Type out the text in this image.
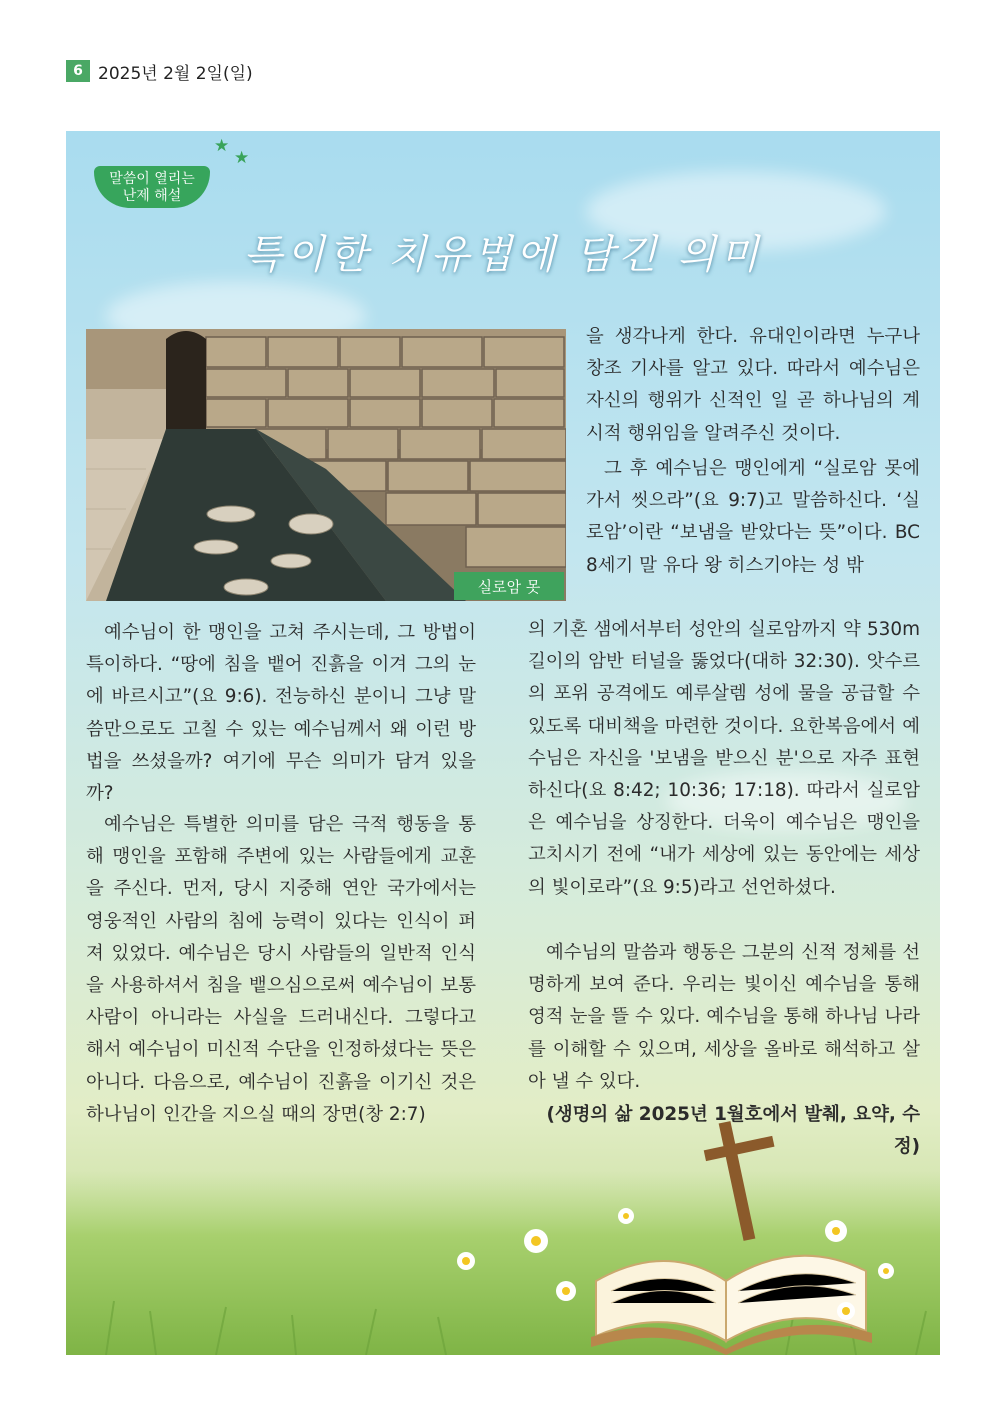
6 2025년 2월 2일(일)
말씀이 열리는
난제 해설
★
★
특이한 치유법에 담긴 의미
실로암 못

예수님이 한 맹인을 고쳐 주시는데, 그 방법이 특이하다. “땅에 침을 뱉어 진흙을 이겨 그의 눈에 바르시고”(요 9:6). 전능하신 분이니 그냥 말씀만으로도 고칠 수 있는 예수님께서 왜 이런 방법을 쓰셨을까? 여기에 무슨 의미가 담겨 있을까?

예수님은 특별한 의미를 담은 극적 행동을 통해 맹인을 포함해 주변에 있는 사람들에게 교훈을 주신다. 먼저, 당시 지중해 연안 국가에서는 영웅적인 사람의 침에 능력이 있다는 인식이 퍼져 있었다. 예수님은 당시 사람들의 일반적 인식을 사용하셔서 침을 뱉으심으로써 예수님이 보통 사람이 아니라는 사실을 드러내신다. 그렇다고 해서 예수님이 미신적 수단을 인정하셨다는 뜻은 아니다. 다음으로, 예수님이 진흙을 이기신 것은 하나님이 인간을 지으실 때의 장면(창 2:7)

을 생각나게 한다. 유대인이라면 누구나 창조 기사를 알고 있다. 따라서 예수님은 자신의 행위가 신적인 일 곧 하나님의 계시적 행위임을 알려주신 것이다.

그 후 예수님은 맹인에게 “실로암 못에 가서 씻으라”(요 9:7)고 말씀하신다. ‘실로암’이란 “보냄을 받았다는 뜻”이다. BC 8세기 말 유다 왕 히스기야는 성 밖

예수님의 말씀과 행동은 그분의 신적 정체를 선명하게 보여 준다. 우리는 빛이신 예수님을 통해 영적 눈을 뜰 수 있다. 예수님을 통해 하나님 나라를 이해할 수 있으며, 세상을 올바로 해석하고 살아 낼 수 있다.

(생명의 삶 2025년 1월호에서 발췌, 요약, 수정)

의 기혼 샘에서부터 성안의 실로암까지 약 530m 길이의 암반 터널을 뚫었다(대하 32:30). 앗수르의 포위 공격에도 예루살렘 성에 물을 공급할 수 있도록 대비책을 마련한 것이다. 요한복음에서 예수님은 자신을 '보냄을 받으신 분'으로 자주 표현하신다(요 8:42; 10:36; 17:18). 따라서 실로암은 예수님을 상징한다. 더욱이 예수님은 맹인을 고치시기 전에 “내가 세상에 있는 동안에는 세상의 빛이로라”(요 9:5)라고 선언하셨다.
